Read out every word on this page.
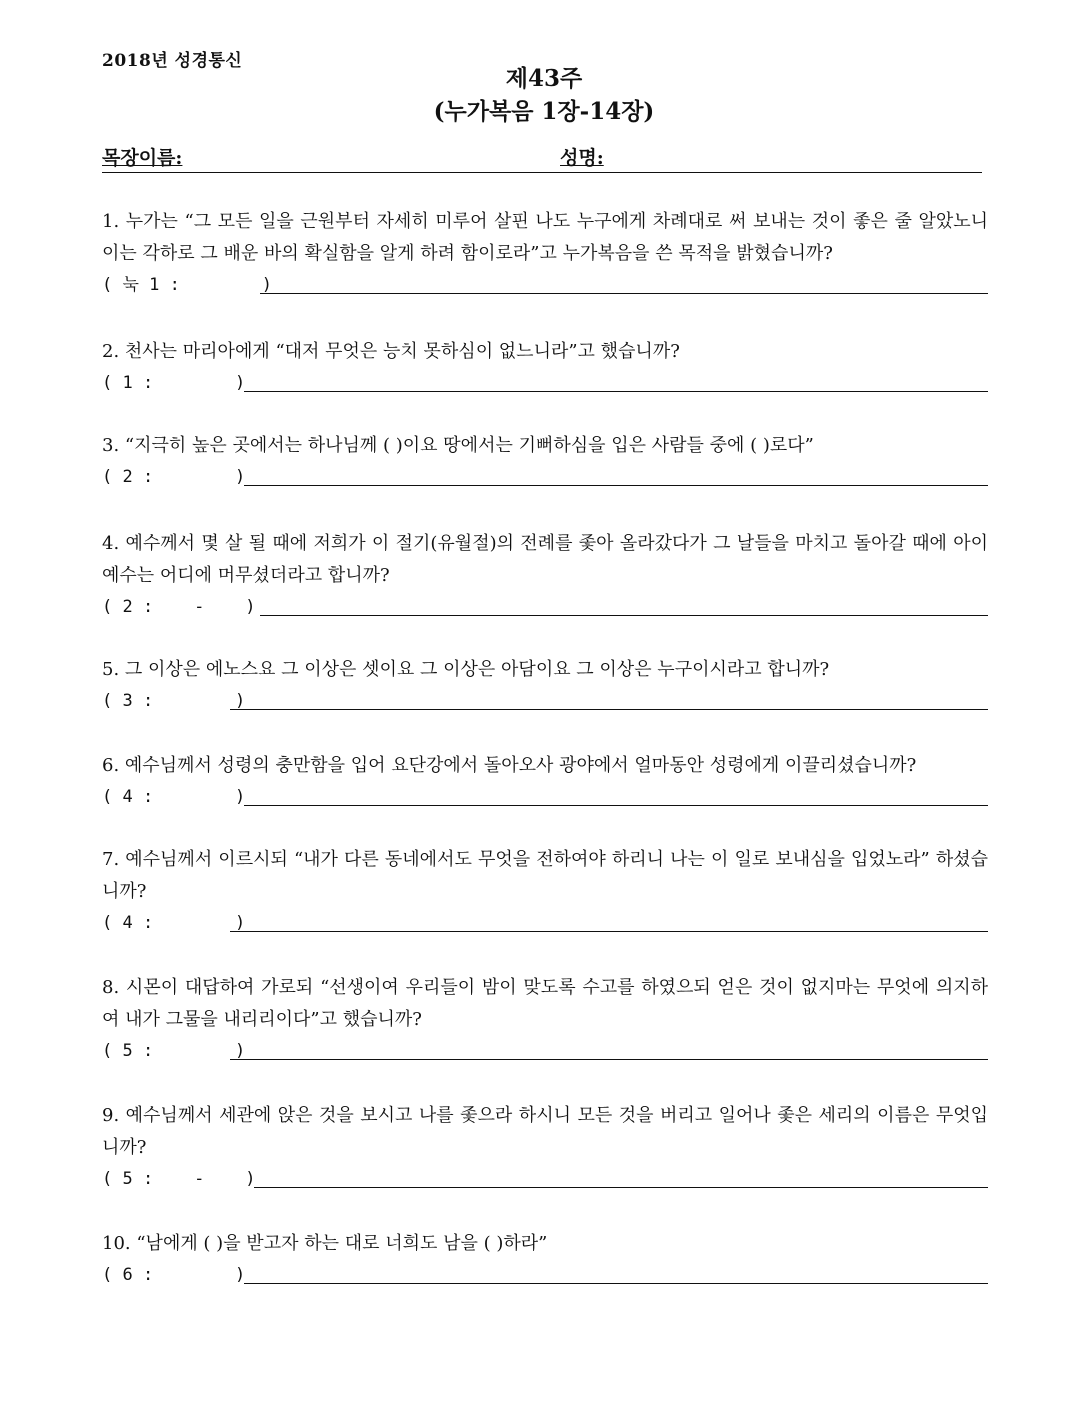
2018년 성경통신
제43주
(누가복음 1장-14장)
목장이름:	성명:
1. 누가는 “그 모든 일을 근원부터 자세히 미루어 살핀 나도 누구에게 차례대로 써 보내는 것이 좋은 줄 알았노니 이는 각하로 그 배운 바의 확실함을 알게 하려 함이로라”고 누가복음을 쓴 목적을 밝혔습니까?
( 눅 1 :        )
2. 천사는 마리아에게 “대저 무엇은 능치 못하심이 없느니라”고 했습니까?
( 1 :        )
3. “지극히 높은 곳에서는 하나님께 ( )이요 땅에서는 기뻐하심을 입은 사람들 중에 ( )로다”
( 2 :        )
4. 예수께서 몇 살 될 때에 저희가 이 절기(유월절)의 전례를 좇아 올라갔다가 그 날들을 마치고 돌아갈 때에 아이 예수는 어디에 머무셨더라고 합니까?
( 2 :    -    )
5. 그 이상은 에노스요 그 이상은 셋이요 그 이상은 아담이요 그 이상은 누구이시라고 합니까?
( 3 :        )
6. 예수님께서 성령의 충만함을 입어 요단강에서 돌아오사 광야에서 얼마동안 성령에게 이끌리셨습니까?
( 4 :        )
7. 예수님께서 이르시되 “내가 다른 동네에서도 무엇을 전하여야 하리니 나는 이 일로 보내심을 입었노라” 하셨습니까?
( 4 :        )
8. 시몬이 대답하여 가로되 “선생이여 우리들이 밤이 맞도록 수고를 하였으되 얻은 것이 없지마는 무엇에 의지하여 내가 그물을 내리리이다”고 했습니까?
( 5 :        )
9. 예수님께서 세관에 앉은 것을 보시고 나를 좇으라 하시니 모든 것을 버리고 일어나 좇은 세리의 이름은 무엇입니까?
( 5 :    -    )
10. “남에게 ( )을 받고자 하는 대로 너희도 남을 ( )하라”
( 6 :        )
